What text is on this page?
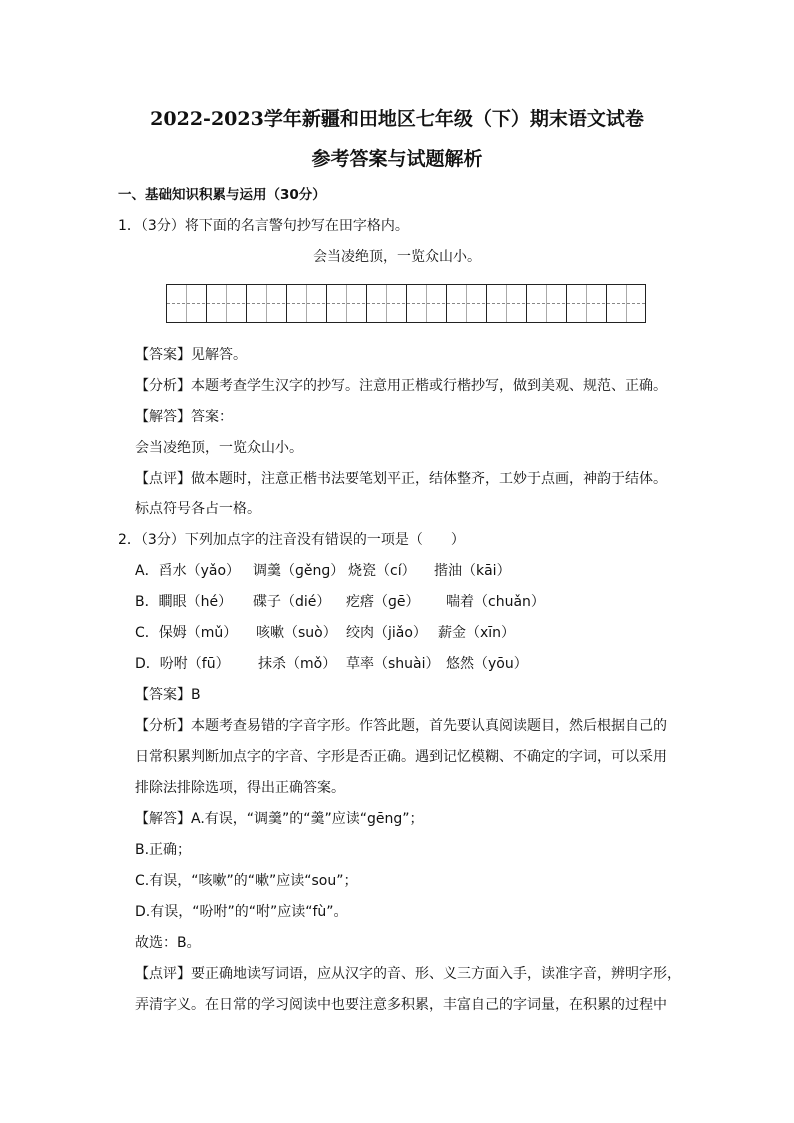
2022-2023学年新疆和田地区七年级（下）期末语文试卷
参考答案与试题解析
一、基础知识积累与运用（30分）
1．（3分）将下面的名言警句抄写在田字格内。
会当凌绝顶，一览众山小。
【答案】见解答。
【分析】本题考查学生汉字的抄写。注意用正楷或行楷抄写，做到美观、规范、正确。
【解答】答案：
会当凌绝顶，一览众山小。
【点评】做本题时，注意正楷书法要笔划平正，结体整齐，工妙于点画，神韵于结体。
标点符号各占一格。
2．（3分）下列加点字的注音没有错误的一项是（　　）
A．舀水（yǎo） 调羹（ɡěnɡ） 烧瓷（cí） 揩油（kāi）
B．瞷眼（hé） 碟子（dié） 疙瘩（ɡē） 喘着（chuǎn）
C．保姆（mǔ） 咳嗽（suò） 绞肉（jiǎo） 薪金（xīn）
D．吩咐（fū） 抹杀（mǒ） 草率（shuài） 悠然（yōu）
【答案】B
【分析】本题考查易错的字音字形。作答此题，首先要认真阅读题目，然后根据自己的
日常积累判断加点字的字音、字形是否正确。遇到记忆模糊、不确定的字词，可以采用
排除法排除选项，得出正确答案。
【解答】A.有误，“调羹”的“羹”应读“gēng”；
B.正确；
C.有误，“咳嗽”的“嗽”应读“sou”；
D.有误，“吩咐”的“咐”应读“fù”。
故选：B。
【点评】要正确地读写词语，应从汉字的音、形、义三方面入手，读准字音，辨明字形，
弄清字义。在日常的学习阅读中也要注意多积累，丰富自己的字词量，在积累的过程中
